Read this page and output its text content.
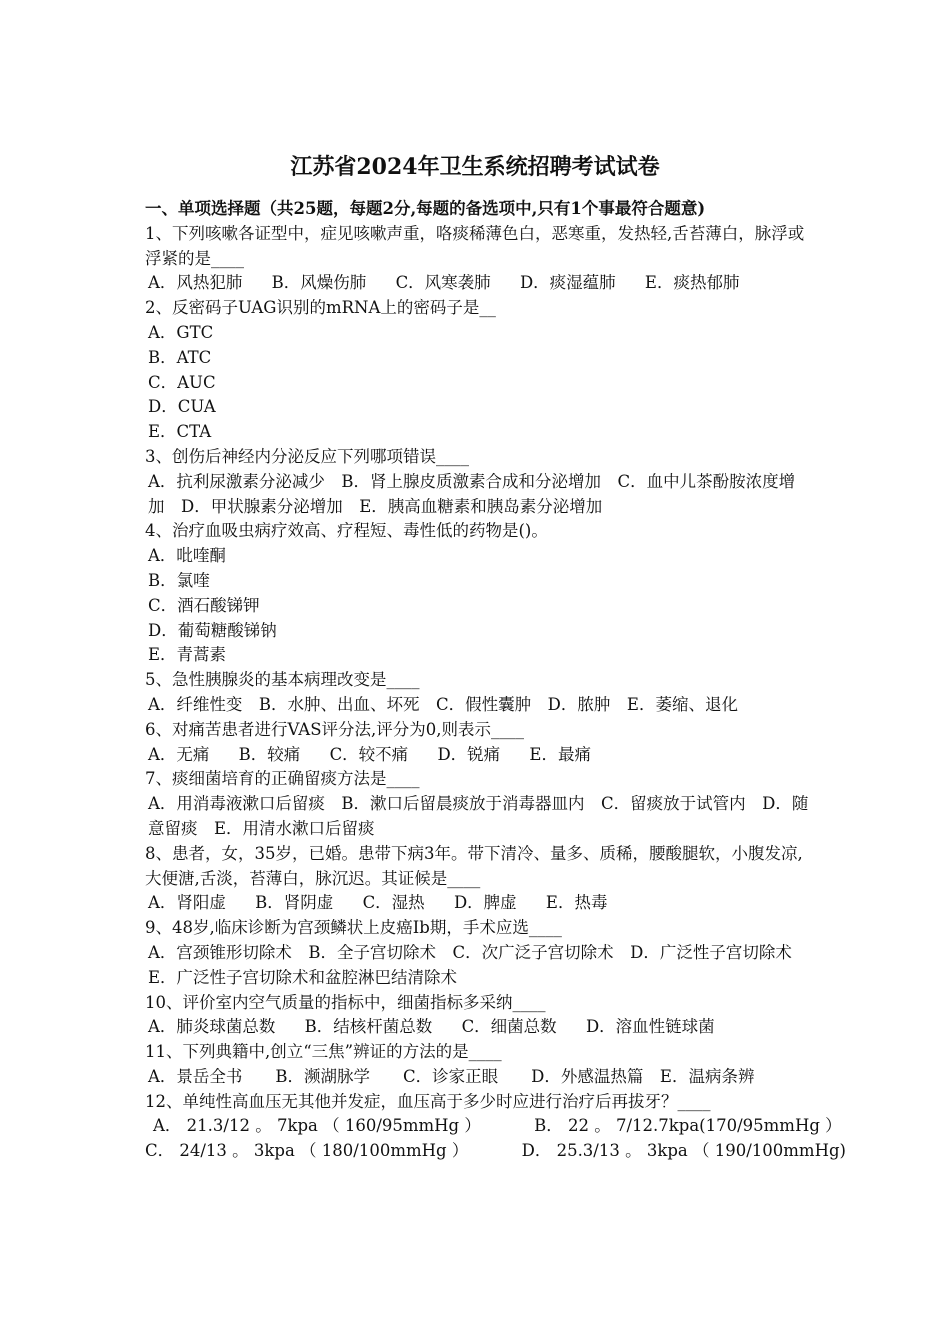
江苏省2024年卫生系统招聘考试试卷
一、单项选择题（共25题，每题2分,每题的备选项中,只有1个事最符合题意)
1、下列咳嗽各证型中，症见咳嗽声重，咯痰稀薄色白，恶寒重，发热轻,舌苔薄白，脉浮或浮紧的是____
A．风热犯肺 B．风燥伤肺 C．风寒袭肺 D．痰湿蕴肺 E．痰热郁肺
2、反密码子UAG识别的mRNA上的密码子是__
A．GTC
B．ATC
C．AUC
D．CUA
E．CTA
3、创伤后神经内分泌反应下列哪项错误____
A．抗利尿激素分泌减少　B．肾上腺皮质激素合成和分泌增加　C．血中儿茶酚胺浓度增加　D．甲状腺素分泌增加　E．胰高血糖素和胰岛素分泌增加
4、治疗血吸虫病疗效高、疗程短、毒性低的药物是()。
A．吡喹酮
B．氯喹
C．酒石酸锑钾
D．葡萄糖酸锑钠
E．青蒿素
5、急性胰腺炎的基本病理改变是____
A．纤维性变　B．水肿、出血、坏死　C．假性囊肿　D．脓肿　E．萎缩、退化
6、对痛苦患者进行VAS评分法,评分为0,则表示____
A．无痛 B．较痛 C．较不痛 D．锐痛 E．最痛
7、痰细菌培育的正确留痰方法是____
A．用消毒液漱口后留痰　B．漱口后留晨痰放于消毒器皿内　C．留痰放于试管内　D．随意留痰　E．用清水漱口后留痰
8、患者，女，35岁，已婚。患带下病3年。带下清冷、量多、质稀，腰酸腿软，小腹发凉,大便溏,舌淡，苔薄白，脉沉迟。其证候是____
A．肾阳虚 B．肾阴虚 C．湿热 D．脾虚 E．热毒
9、48岁,临床诊断为宫颈鳞状上皮癌Ⅰb期，手术应选____
A．宫颈锥形切除术　B．全子宫切除术　C．次广泛子宫切除术　D．广泛性子宫切除术　E．广泛性子宫切除术和盆腔淋巴结清除术
10、评价室内空气质量的指标中，细菌指标多采纳____
A．肺炎球菌总数 B．结核杆菌总数 C．细菌总数 D．溶血性链球菌
11、下列典籍中,创立“三焦”辨证的方法的是____
A．景岳全书　　B．濒湖脉学　　C．诊家正眼　　D．外感温热篇　E．温病条辨
12、单纯性高血压无其他并发症，血压高于多少时应进行治疗后再拔牙？____
A． 21.3/12 。 7kpa （ 160/95mmHg ）	B． 22 。 7/12.7kpa(170/95mmHg ）
C． 24/13 。 3kpa （ 180/100mmHg ）	D． 25.3/13 。 3kpa （ 190/100mmHg)
